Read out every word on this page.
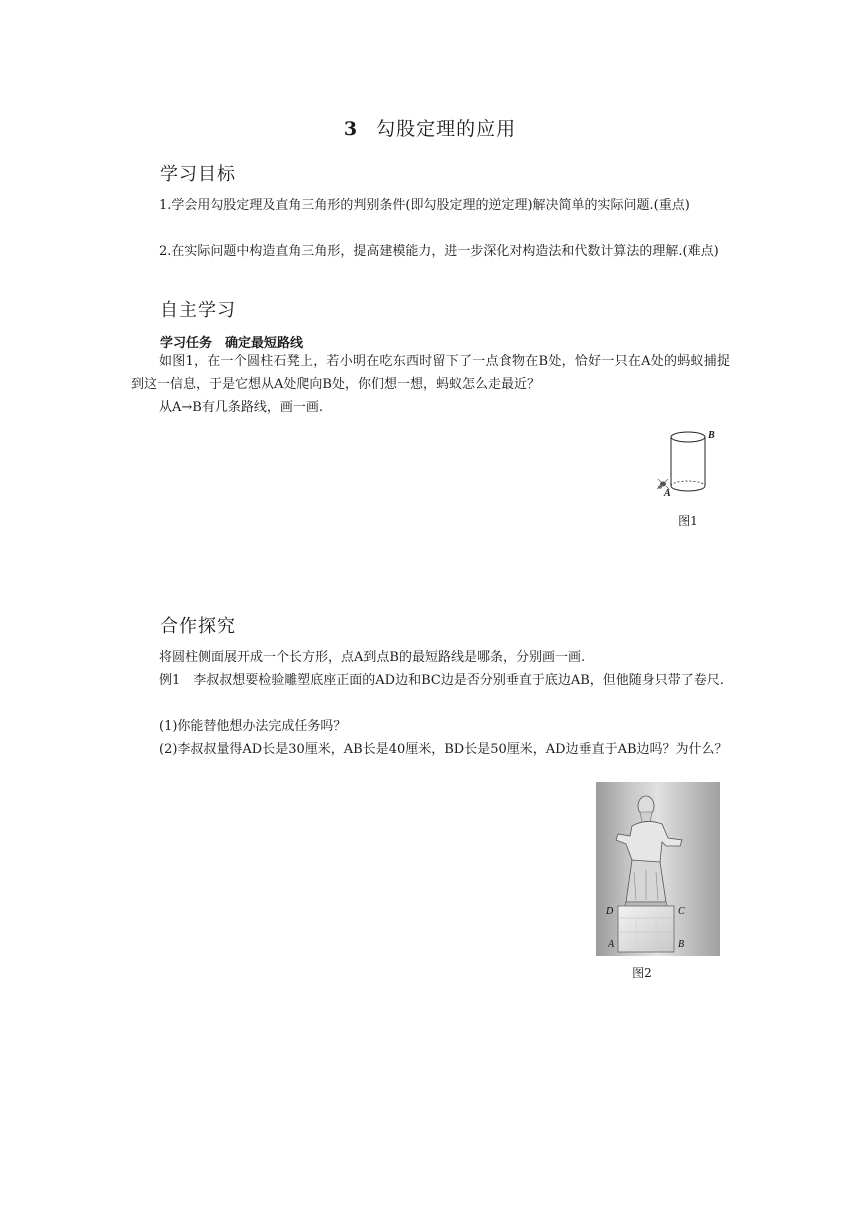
3 勾股定理的应用
学习目标
1.学会用勾股定理及直角三角形的判别条件(即勾股定理的逆定理)解决简单的实际问题.(重点)
2.在实际问题中构造直角三角形，提高建模能力，进一步深化对构造法和代数计算法的理解.(难点)
自主学习
学习任务　确定最短路线
如图1，在一个圆柱石凳上，若小明在吃东西时留下了一点食物在B处，恰好一只在A处的蚂蚁捕捉到这一信息，于是它想从A处爬向B处，你们想一想，蚂蚁怎么走最近？
从A→B有几条路线，画一画.
B
A
图1
合作探究
将圆柱侧面展开成一个长方形，点A到点B的最短路线是哪条，分别画一画.
例1　李叔叔想要检验雕塑底座正面的AD边和BC边是否分别垂直于底边AB，但他随身只带了卷尺.
(1)你能替他想办法完成任务吗？
(2)李叔叔量得AD长是30厘米，AB长是40厘米，BD长是50厘米，AD边垂直于AB边吗？为什么？
D	C
A	B
图2
